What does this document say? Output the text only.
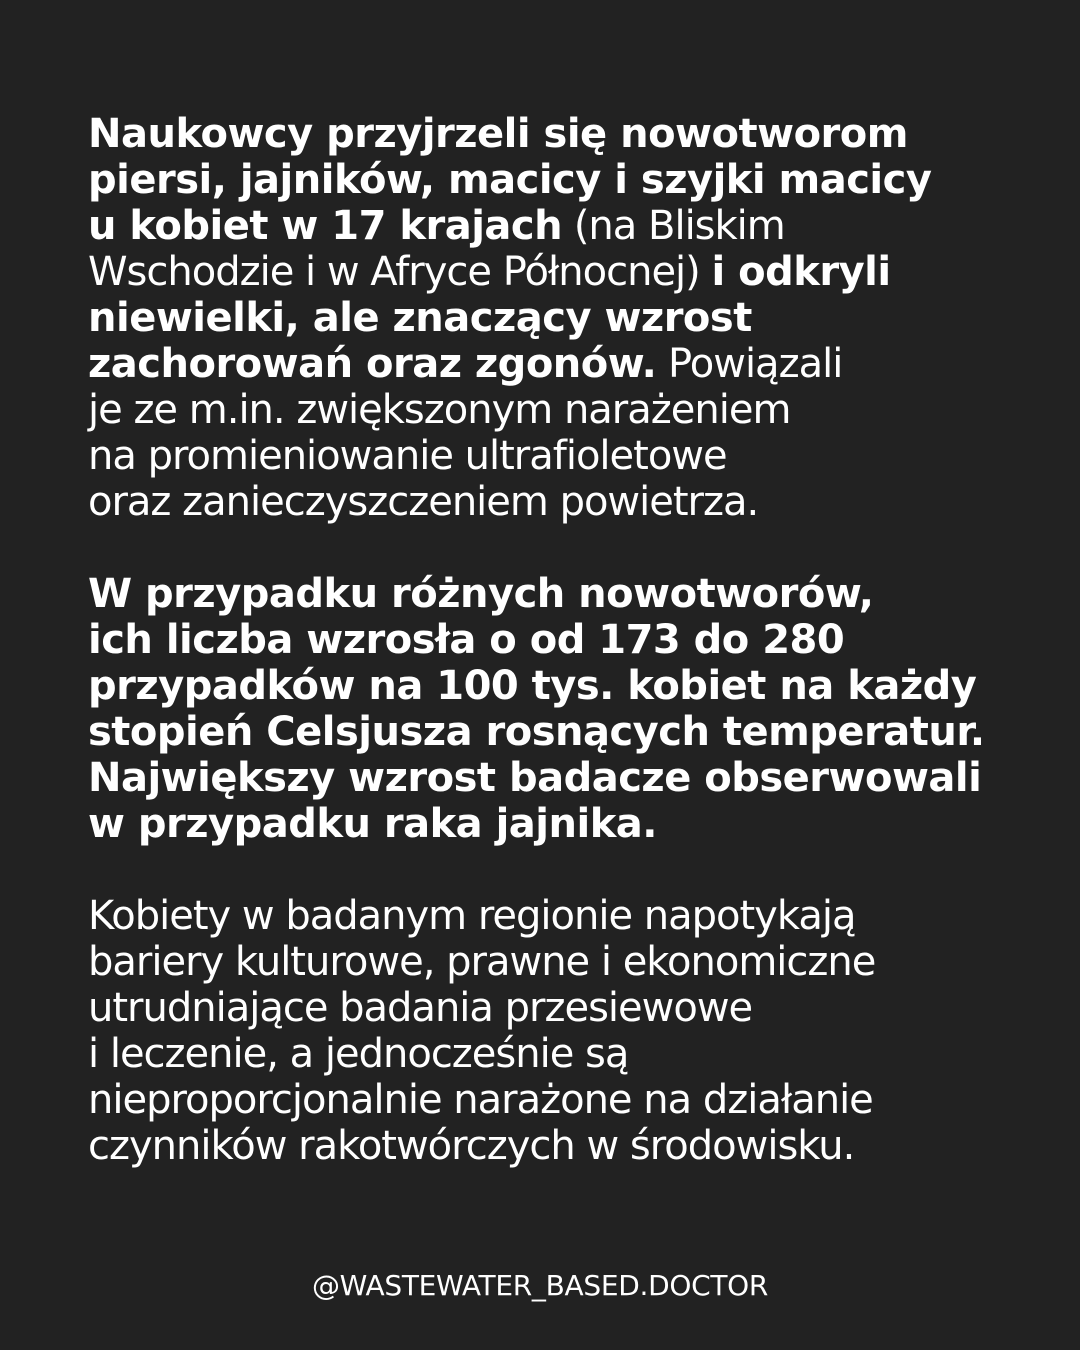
Naukowcy przyjrzeli się nowotworom
piersi, jajników, macicy i szyjki macicy
u kobiet w 17 krajach (na Bliskim
Wschodzie i w Afryce Północnej) i odkryli
niewielki, ale znaczący wzrost
zachorowań oraz zgonów. Powiązali
je ze m.in. zwiększonym narażeniem
na promieniowanie ultrafioletowe
oraz zanieczyszczeniem powietrza.
W przypadku różnych nowotworów,
ich liczba wzrosła o od 173 do 280
przypadków na 100 tys. kobiet na każdy
stopień Celsjusza rosnących temperatur.
Największy wzrost badacze obserwowali
w przypadku raka jajnika.
Kobiety w badanym regionie napotykają
bariery kulturowe, prawne i ekonomiczne
utrudniające badania przesiewowe
i leczenie, a jednocześnie są
nieproporcjonalnie narażone na działanie
czynników rakotwórczych w środowisku.
@WASTEWATER_BASED.DOCTOR
